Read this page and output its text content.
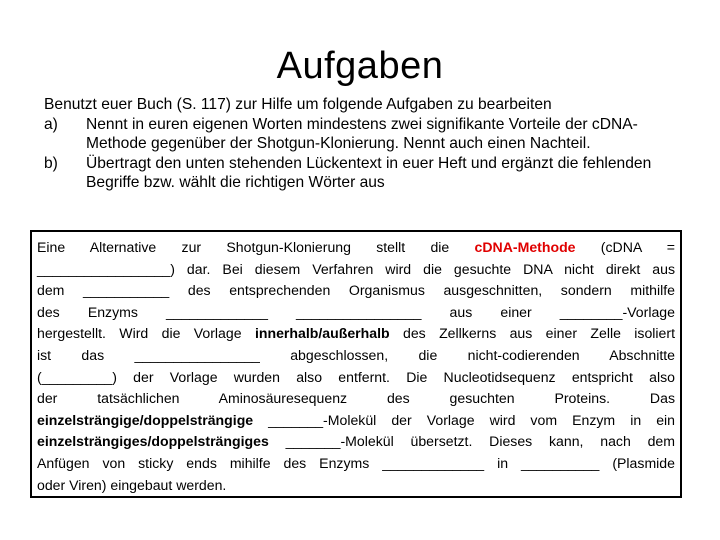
Aufgaben
Benutzt euer Buch (S. 117) zur Hilfe um folgende Aufgaben zu bearbeiten
a)	Nennt in euren eigenen Worten mindestens zwei signifikante Vorteile der cDNA-Methode gegenüber der Shotgun-Klonierung. Nennt auch einen Nachteil.
b)	Übertragt den unten stehenden Lückentext in euer Heft und ergänzt die fehlenden Begriffe bzw. wählt die richtigen Wörter aus
Eine Alternative zur Shotgun-Klonierung stellt die cDNA-Methode (cDNA =
_________________) dar. Bei diesem Verfahren wird die gesuchte DNA nicht direkt aus
dem ___________ des entsprechenden Organismus ausgeschnitten, sondern mithilfe
des Enzyms _____________ ________________ aus einer ________-Vorlage
hergestellt. Wird die Vorlage innerhalb/außerhalb des Zellkerns aus einer Zelle isoliert
ist das ________________ abgeschlossen, die nicht-codierenden Abschnitte
(_________) der Vorlage wurden also entfernt. Die Nucleotidsequenz entspricht also
der tatsächlichen Aminosäuresequenz des gesuchten Proteins. Das
einzelsträngige/doppelsträngige _______-Molekül der Vorlage wird vom Enzym in ein
einzelsträngiges/doppelsträngiges _______-Molekül übersetzt. Dieses kann, nach dem
Anfügen von sticky ends mihilfe des Enzyms _____________ in __________ (Plasmide
oder Viren) eingebaut werden.
